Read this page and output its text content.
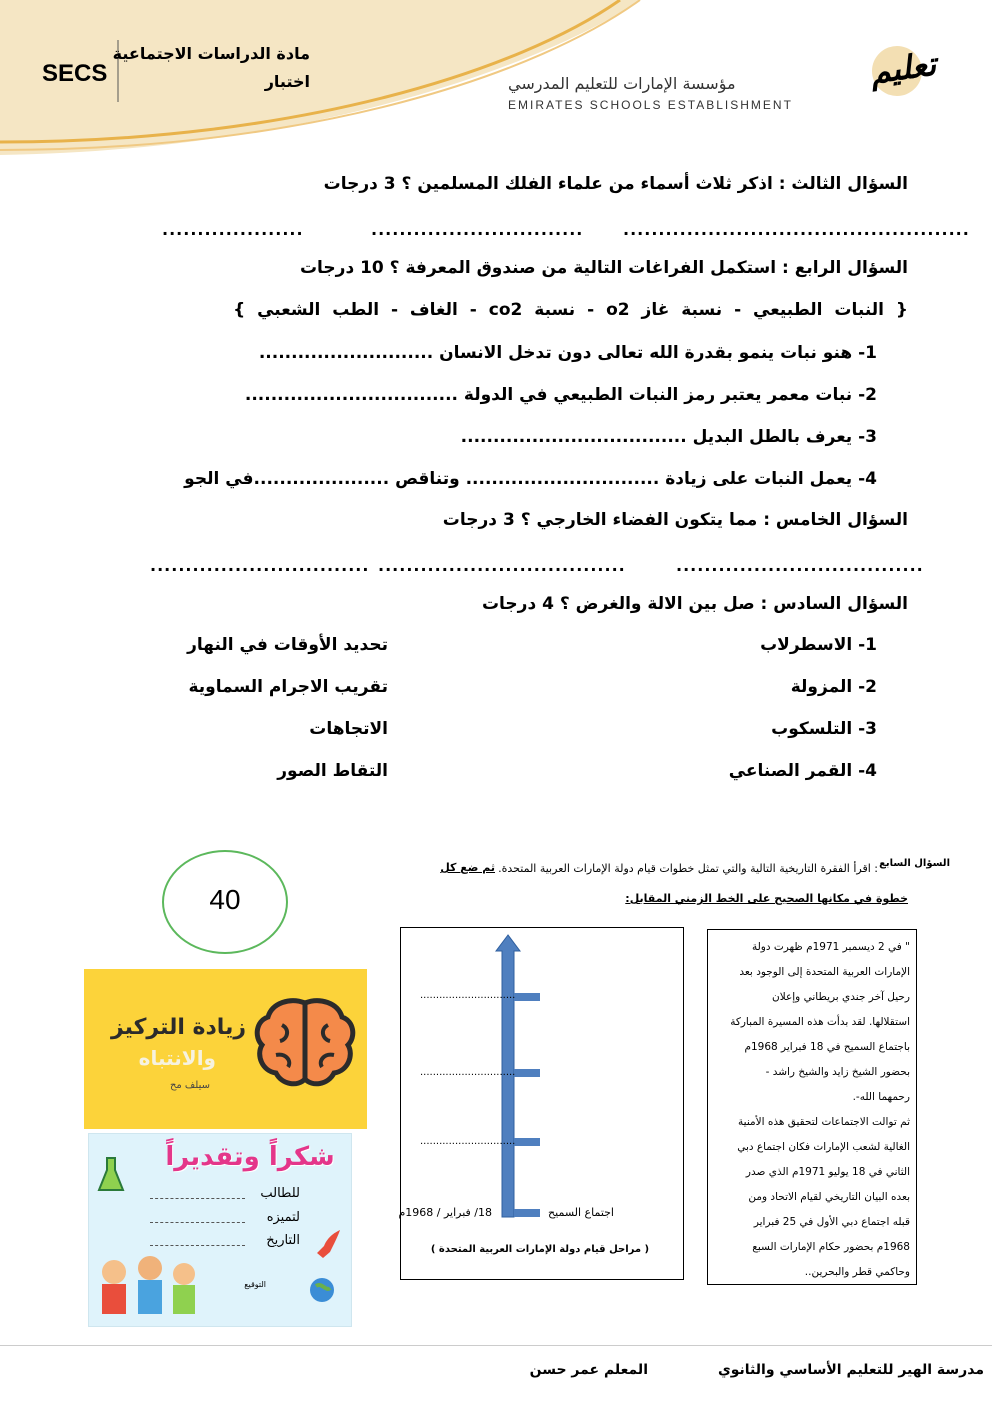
SECS
مادة الدراسات الاجتماعية
اختبار	مؤسسة الإمارات للتعليم المدرسي
EMIRATES SCHOOLS ESTABLISHMENT
تعليم
السؤال الثالث : اذكر ثلاث أسماء من علماء الفلك المسلمين ؟ 3 درجات
.................................................
..............................
....................
السؤال الرابع : استكمل الفراغات التالية من صندوق المعرفة ؟ 10 درجات
{ النبات الطبيعي - نسبة غاز o2 - نسبة co2 - الغاف - الطب الشعبي }
1- هنو نبات ينمو بقدرة الله تعالى دون تدخل الانسان ...........................
2- نبات معمر يعتبر رمز النبات الطبيعي في الدولة .................................
3- يعرف بالطل البديل ...................................
4- يعمل النبات على زيادة .............................. وتناقص .....................في الجو
السؤال الخامس : مما يتكون الفضاء الخارجي ؟ 3 درجات
...................................
...................................
...............................
السؤال السادس : صل بين الالة والغرض ؟ 4 درجات
1- الاسطرلاب
2- المزولة
3- التلسكوب
4- القمر الصناعي
تحديد الأوقات في النهار
تقريب الاجرام السماوية
الاتجاهات
التقاط الصور
40
زيادة التركيز
والانتباه
سيلف مح
شكراً وتقديراً
للطالب
لتميزه
التاريخ
التوقيع
السؤال السابع
: اقرأ الفقرة التاريخية التالية والتي تمثل خطوات قيام دولة الإمارات العربية المتحدة.
ثم ضع كل
خطوة في مكانها الصحيح على الخط الزمني المقابل:
" في 2 ديسمبر 1971م ظهرت دولة
الإمارات العربية المتحدة إلى الوجود بعد
رحيل آخر جندي بريطاني وإعلان
استقلالها. لقد بدأت هذه المسيرة المباركة
باجتماع السميح في 18 فبراير 1968م
بحضور الشيخ زايد والشيخ راشد -
رحمهما الله-.
ثم توالت الاجتماعات لتحقيق هذه الأمنية
الغالية لشعب الإمارات فكان اجتماع دبي
الثاني في 18 يوليو 1971م الذي صدر
بعده البيان التاريخي لقيام الاتحاد ومن
قبله اجتماع دبي الأول في 25 فبراير
1968م بحضور حكام الإمارات السبع
وحاكمي قطر والبحرين..
..............................
..............................
..............................
اجتماع السميح
18/ فبراير / 1968م
( مراحل قيام دولة الإمارات العربية المتحدة )
مدرسة الهير للتعليم الأساسي والثانوي
المعلم عمر حسن
